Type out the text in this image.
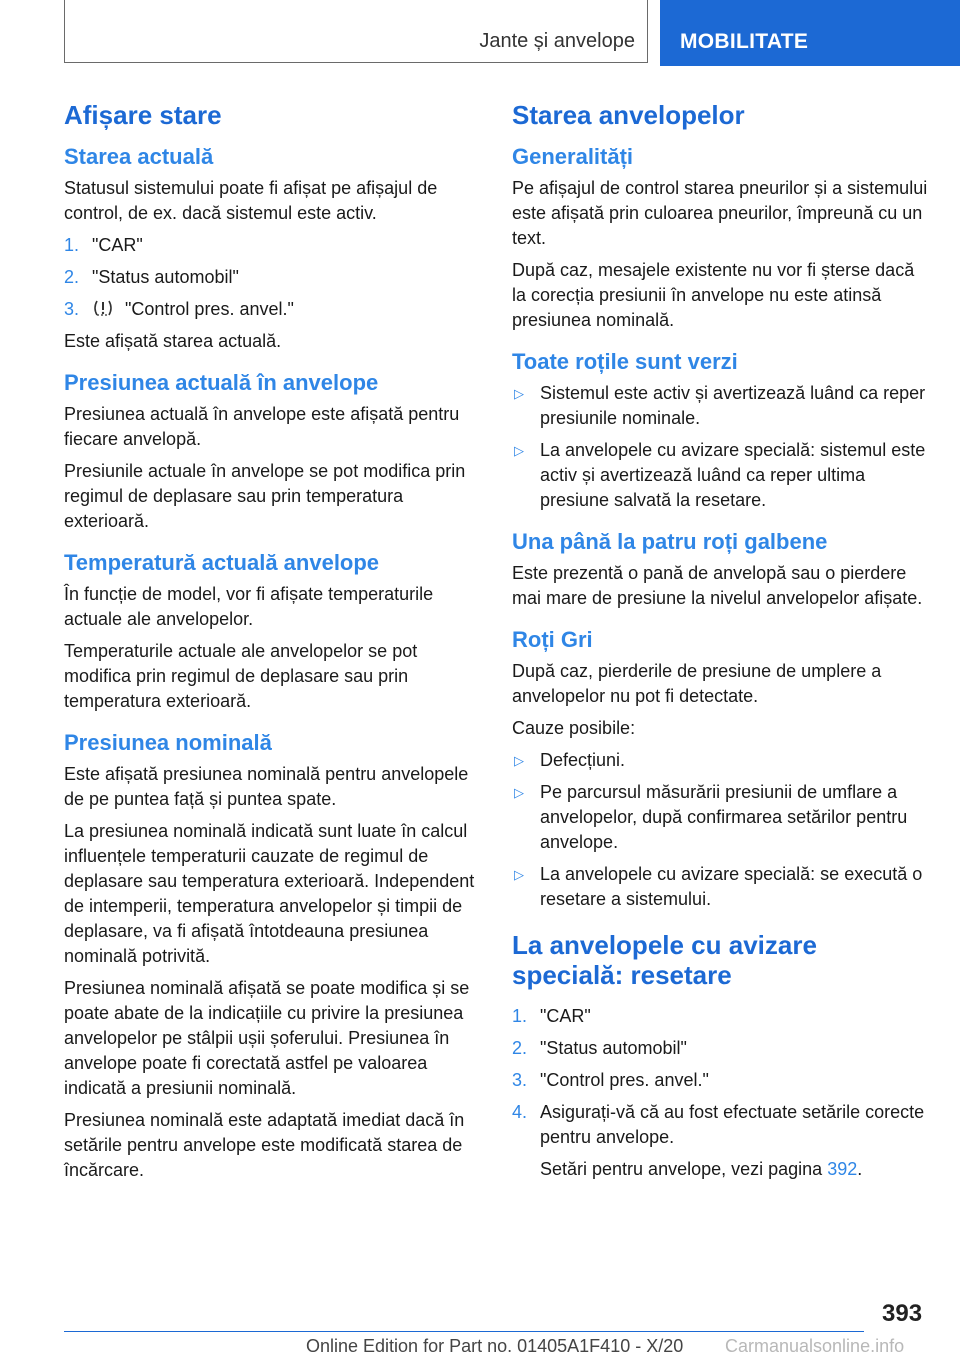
Jante și anvelope MOBILITATE
Afișare stare
Starea actuală

Statusul sistemului poate fi afișat pe afișajul de control, de ex. dacă sistemul este activ.

1. "CAR"
2. "Status automobil"
3.	"Control pres. anvel."

Este afișată starea actuală.

Presiunea actuală în anvelope

Presiunea actuală în anvelope este afișată pentru fiecare anvelopă.

Presiunile actuale în anvelope se pot modifica prin regimul de deplasare sau prin temperatura exterioară.

Temperatură actuală anvelope

În funcție de model, vor fi afișate temperaturile actuale ale anvelopelor.

Temperaturile actuale ale anvelopelor se pot modifica prin regimul de deplasare sau prin temperatura exterioară.

Presiunea nominală

Este afișată presiunea nominală pentru anvelopele de pe puntea față și puntea spate.

La presiunea nominală indicată sunt luate în calcul influențele temperaturii cauzate de regimul de deplasare sau temperatura exterioară. Independent de intemperii, temperatura anvelopelor și timpii de deplasare, va fi afișată întotdeauna presiunea nominală potrivită.

Presiunea nominală afișată se poate modifica și se poate abate de la indicațiile cu privire la presiunea anvelopelor pe stâlpii ușii șoferului. Presiunea în anvelope poate fi corectată astfel pe valoarea indicată a presiunii nominală.

Presiunea nominală este adaptată imediat dacă în setările pentru anvelope este modificată starea de încărcare.

Starea anvelopelor
Generalități

Pe afișajul de control starea pneurilor și a sistemului este afișată prin culoarea pneurilor, împreună cu un text.

După caz, mesajele existente nu vor fi șterse dacă la corecția presiunii în anvelope nu este atinsă presiunea nominală.

Toate roțile sunt verzi
▷ Sistemul este activ și avertizează luând ca reper presiunile nominale.
▷ La anvelopele cu avizare specială: sistemul este activ și avertizează luând ca reper ultima presiune salvată la resetare.
Una până la patru roți galbene

Este prezentă o pană de anvelopă sau o pierdere mai mare de presiune la nivelul anvelopelor afișate.

Roți Gri

După caz, pierderile de presiune de umplere a anvelopelor nu pot fi detectate.

Cauze posibile:

▷ Defecțiuni.
▷ Pe parcursul măsurării presiunii de umflare a anvelopelor, după confirmarea setărilor pentru anvelope.
▷ La anvelopele cu avizare specială: se execută o resetare a sistemului.
La anvelopele cu avizare specială: resetare
1. "CAR"
2. "Status automobil"
3. "Control pres. anvel."
4. Asigurați-vă că au fost efectuate setările corecte pentru anvelope.

Setări pentru anvelope, vezi pagina 392.

393
Online Edition for Part no. 01405A1F410 - X/20 Carmanualsonline.info
